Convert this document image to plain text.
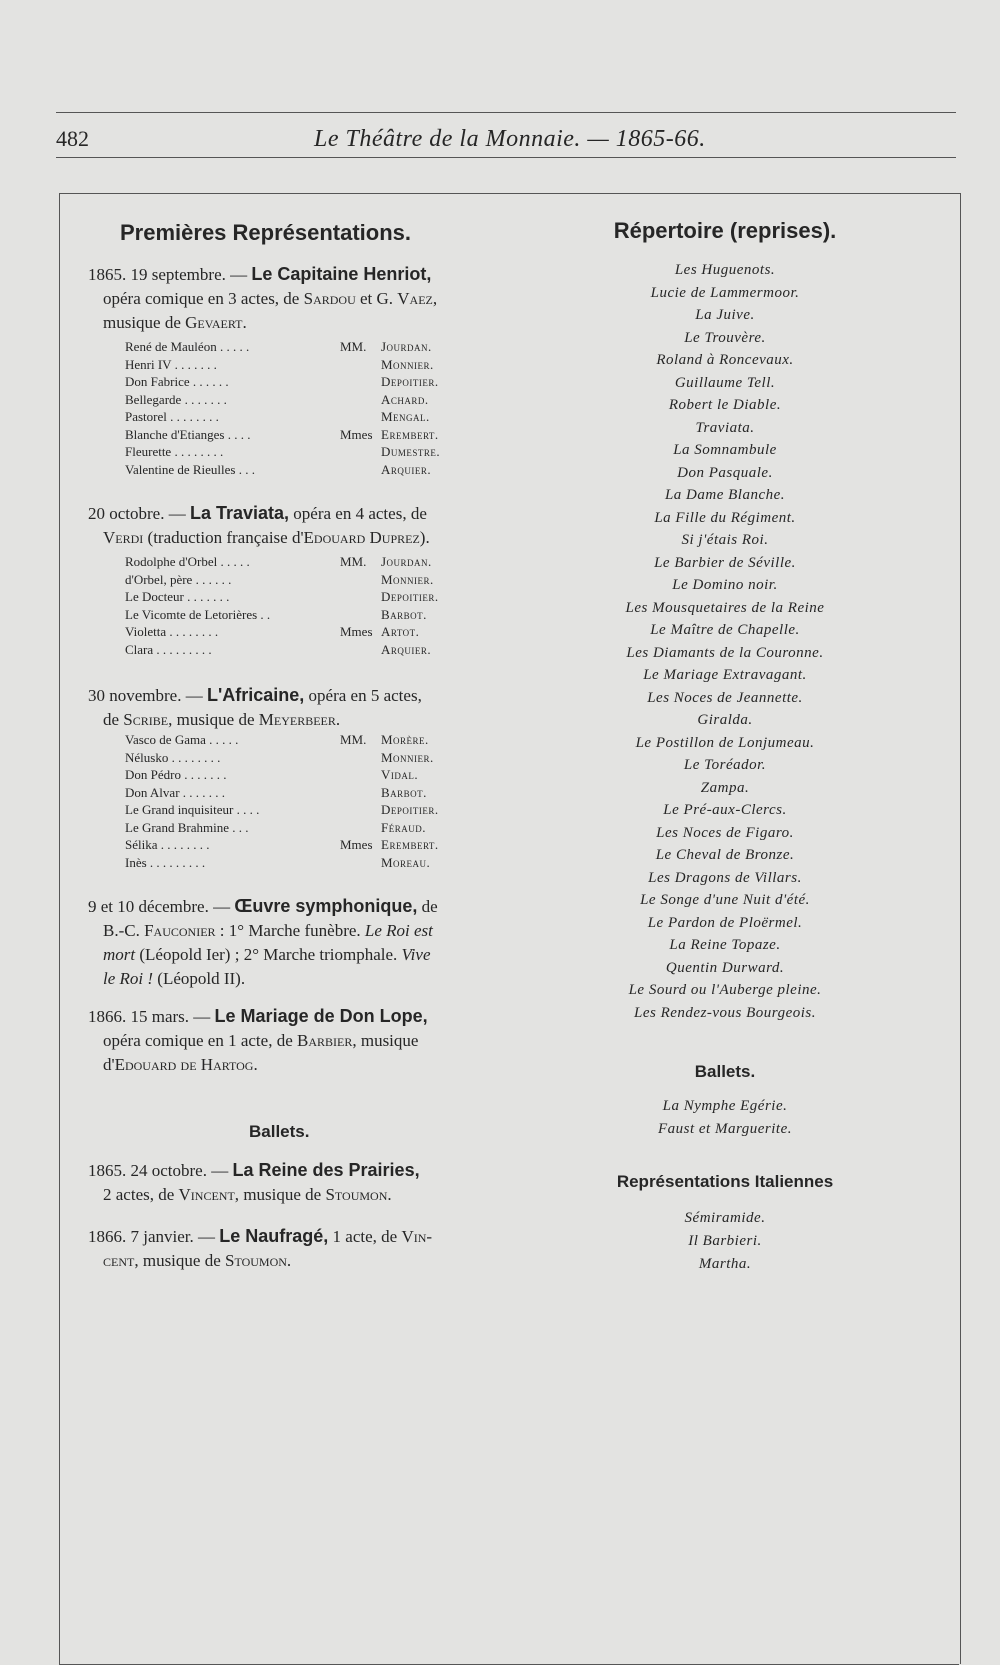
482	Le Théâtre de la Monnaie. — 1865-66.
Premières Représentations.
1865. 19 septembre. — Le Capitaine Henriot,
opéra comique en 3 actes, de Sardou et G. Vaez,
musique de Gevaert.
René de Mauléon . . . . .	MM. Jourdan.
Henri IV . . . . . . .	Monnier.
Don Fabrice . . . . . .	Depoitier.
Bellegarde . . . . . . .	Achard.
Pastorel . . . . . . . .	Mengal.
Blanche d'Etianges . . . .	Mmes Erembert.
Fleurette . . . . . . . .	Dumestre.
Valentine de Rieulles . . .	Arquier.
20 octobre. — La Traviata, opéra en 4 actes, de
Verdi (traduction française d'Edouard Duprez).
Rodolphe d'Orbel . . . . .	MM. Jourdan.
d'Orbel, père . . . . . .	Monnier.
Le Docteur . . . . . . .	Depoitier.
Le Vicomte de Letorières . .	Barbot.
Violetta . . . . . . . .	Mmes Artot.
Clara . . . . . . . . .	Arquier.
30 novembre. — L'Africaine, opéra en 5 actes,
de Scribe, musique de Meyerbeer.
Vasco de Gama . . . . .	MM. Morère.
Nélusko . . . . . . . .	Monnier.
Don Pédro . . . . . . .	Vidal.
Don Alvar . . . . . . .	Barbot.
Le Grand inquisiteur . . . .	Depoitier.
Le Grand Brahmine . . .	Féraud.
Sélika . . . . . . . .	Mmes Erembert.
Inès . . . . . . . . .	Moreau.
9 et 10 décembre. — Œuvre symphonique, de
B.-C. Fauconier : 1° Marche funèbre. Le Roi est
mort (Léopold Ier) ; 2° Marche triomphale. Vive
le Roi ! (Léopold II).
1866. 15 mars. — Le Mariage de Don Lope,
opéra comique en 1 acte, de Barbier, musique
d'Edouard de Hartog.
Ballets.
1865. 24 octobre. — La Reine des Prairies,
2 actes, de Vincent, musique de Stoumon.
1866. 7 janvier. — Le Naufragé, 1 acte, de Vin-
cent, musique de Stoumon.
Répertoire (reprises).
Les Huguenots.
Lucie de Lammermoor.
La Juive.
Le Trouvère.
Roland à Roncevaux.
Guillaume Tell.
Robert le Diable.
Traviata.
La Somnambule
Don Pasquale.
La Dame Blanche.
La Fille du Régiment.
Si j'étais Roi.
Le Barbier de Séville.
Le Domino noir.
Les Mousquetaires de la Reine
Le Maître de Chapelle.
Les Diamants de la Couronne.
Le Mariage Extravagant.
Les Noces de Jeannette.
Giralda.
Le Postillon de Lonjumeau.
Le Toréador.
Zampa.
Le Pré-aux-Clercs.
Les Noces de Figaro.
Le Cheval de Bronze.
Les Dragons de Villars.
Le Songe d'une Nuit d'été.
Le Pardon de Ploërmel.
La Reine Topaze.
Quentin Durward.
Le Sourd ou l'Auberge pleine.
Les Rendez-vous Bourgeois.
Ballets.
La Nymphe Egérie.
Faust et Marguerite.
Représentations Italiennes
Sémiramide.
Il Barbieri.
Martha.
